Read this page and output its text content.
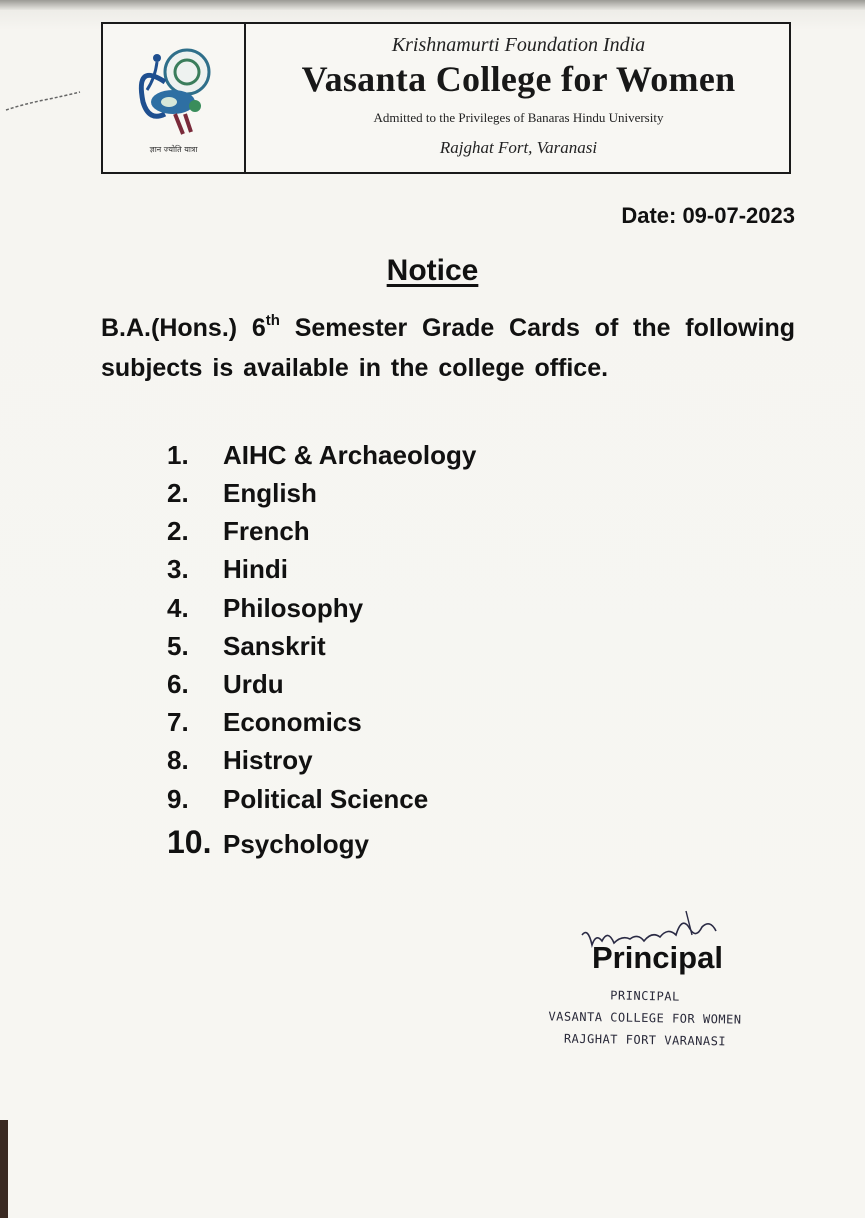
ज्ञान ज्योति यात्रा
Krishnamurti Foundation India
Vasanta College for Women
Admitted to the Privileges of Banaras Hindu University
Rajghat Fort, Varanasi
Date: 09-07-2023
Notice
B.A.(Hons.) 6th Semester Grade Cards of the following subjects is available in the college office.
1. AIHC & Archaeology
2. English
2. French
3. Hindi
4. Philosophy
5. Sanskrit
6. Urdu
7. Economics
8. Histroy
9. Political Science
10. Psychology
Principal
PRINCIPAL
VASANTA COLLEGE FOR WOMEN
RAJGHAT FORT VARANASI
